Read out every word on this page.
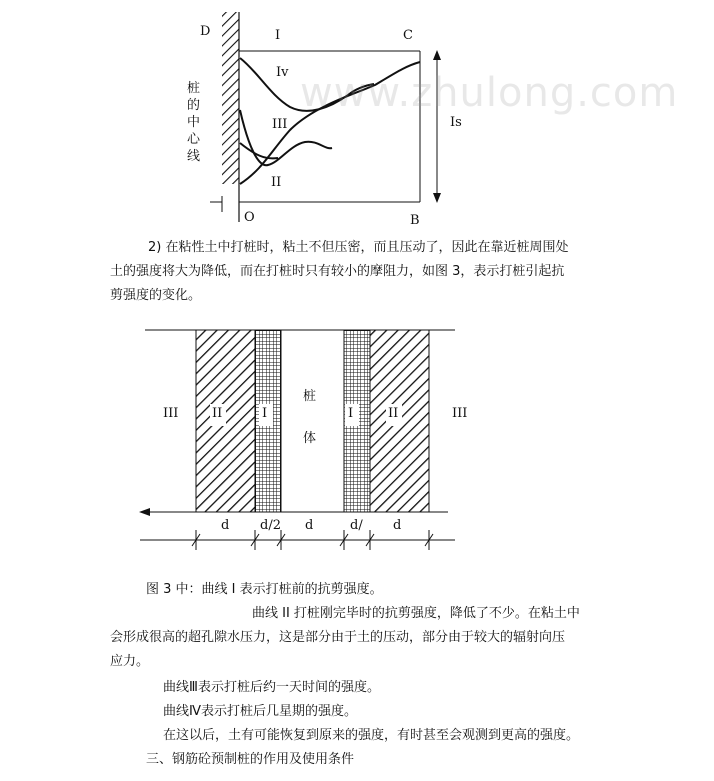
D	C
I
Iv
III
II
Is
O	B
桩
的
中
心
线
www.zhulong.com
2) 在粘性土中打桩时，粘土不但压密，而且压动了，因此在靠近桩周围处
土的强度将大为降低，而在打桩时只有较小的摩阻力，如图 3，表示打桩引起抗
剪强度的变化。
III	II	I
桩
体
I	II	III
d d/2 d	d/ d
图 3 中：曲线 I 表示打桩前的抗剪强度。
曲线 II 打桩刚完毕时的抗剪强度，降低了不少。在粘土中
会形成很高的超孔隙水压力，这是部分由于土的压动，部分由于较大的辐射向压
应力。
曲线Ⅲ表示打桩后约一天时间的强度。
曲线Ⅳ表示打桩后几星期的强度。
在这以后，土有可能恢复到原来的强度，有时甚至会观测到更高的强度。
三、钢筋砼预制桩的作用及使用条件
